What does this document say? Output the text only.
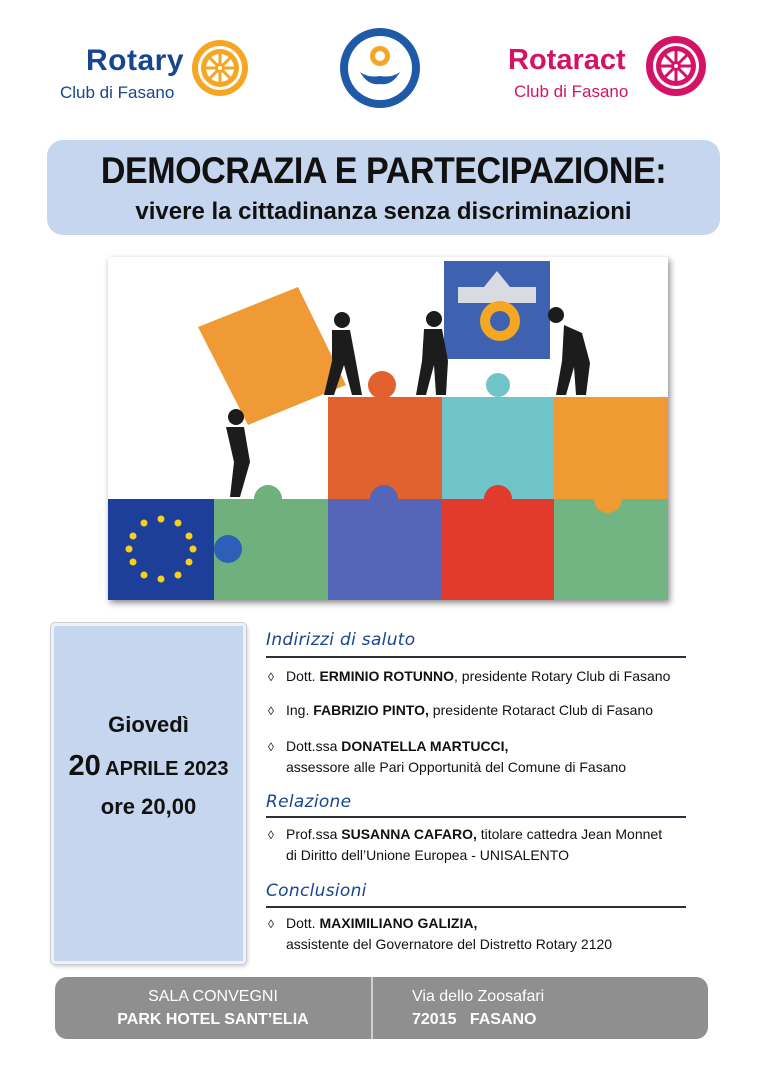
Rotary
Club di Fasano
Rotaract
Club di Fasano
DEMOCRAZIA E PARTECIPAZIONE:
vivere la cittadinanza senza discriminazioni
Giovedì
20 APRILE 2023
ore 20,00
Indirizzi di saluto
◊ Dott. ERMINIO ROTUNNO, presidente Rotary Club di Fasano
◊ Ing. FABRIZIO PINTO, presidente Rotaract Club di Fasano
◊ Dott.ssa DONATELLA MARTUCCI,
assessore alle Pari Opportunità del Comune di Fasano
Relazione
◊ Prof.ssa SUSANNA CAFARO, titolare cattedra Jean Monnet
di Diritto dell’Unione Europea - UNISALENTO
Conclusioni
◊ Dott. MAXIMILIANO GALIZIA,
assistente del Governatore del Distretto Rotary 2120
SALA CONVEGNI
PARK HOTEL SANT’ELIA
Via dello Zoosafari
72015   FASANO
